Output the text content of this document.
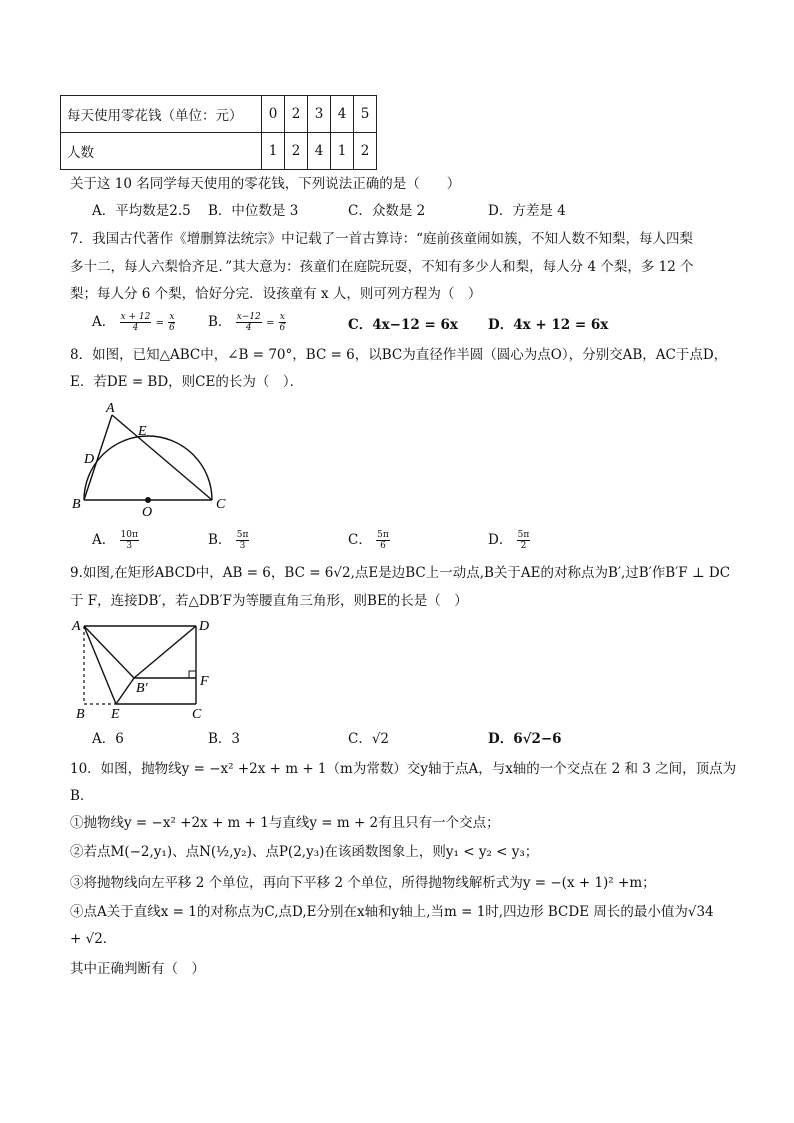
每天使用零花钱（单位：元）	0	2	3	4	5
人数	1	2	4	1	2
关于这 10 名同学每天使用的零花钱，下列说法正确的是（　　）
A．平均数是2.5 B．中位数是 3	C．众数是 2	D．方差是 4
7．我国古代著作《增删算法统宗》中记载了一首古算诗：“庭前孩童闹如簇，不知人数不知梨，每人四梨
多十二，每人六梨恰齐足．”其大意为：孩童们在庭院玩耍，不知有多少人和梨，每人分 4 个梨，多 12 个
梨；每人分 6 个梨，恰好分完．设孩童有 x 人，则可列方程为（　）
A． $\frac{x + 12}{4} = \frac{x}{6}$ B． $\frac{x-12}{4} = \frac{x}{6}$	C．4x−12 = 6x D．4x + 12 = 6x
8．如图，已知△ABC中，∠B = 70°，BC = 6，以BC为直径作半圆（圆心为点O），分别交AB，AC于点D，
E．若DE = BD，则CE的长为（　）．
A
E
D
B
O
C
A． $\frac{10\pi}{3}$	B． $\frac{5\pi}{3}$	C． $\frac{5\pi}{6}$	D． $\frac{5\pi}{2}$
9.如图,在矩形ABCD中，AB = 6，BC = 6√2,点E是边BC上一动点,B关于AE的对称点为B′,过B′作B′F ⊥ DC
于 F，连接DB′，若△DB′F为等腰直角三角形，则BE的长是（　）
A	D
F
B′
B E	C
A．6	B．3	C．√2	D．6√2−6
10．如图，抛物线y = −x² +2x + m + 1（m为常数）交y轴于点A，与x轴的一个交点在 2 和 3 之间，顶点为
B．
①抛物线y = −x² +2x + m + 1与直线y = m + 2有且只有一个交点；
②若点M(−2,y₁)、点N(½,y₂)、点P(2,y₃)在该函数图象上，则y₁ < y₂ < y₃；
③将抛物线向左平移 2 个单位，再向下平移 2 个单位，所得抛物线解析式为y = −(x + 1)² +m；
④点A关于直线x = 1的对称点为C,点D,E分别在x轴和y轴上,当m = 1时,四边形 BCDE 周长的最小值为√34
+ √2．
其中正确判断有（　）
